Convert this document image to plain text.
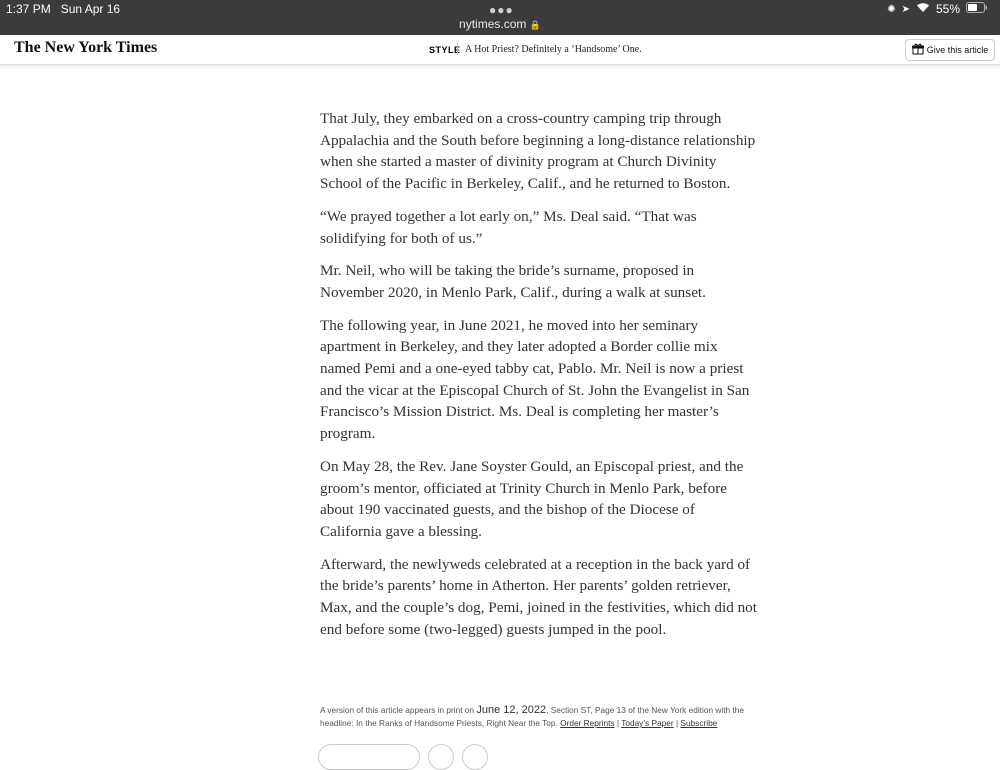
1:37 PM Sun Apr 16	●●●
nytimes.com 🔒
✺ ➤ 55%
The New York Times	STYLE A Hot Priest? Definitely a ‘Handsome’ One.	Give this article

That July, they embarked on a cross-country camping trip through Appalachia and the South before beginning a long-distance relationship when she started a master of divinity program at Church Divinity School of the Pacific in Berkeley, Calif., and he returned to Boston.

“We prayed together a lot early on,” Ms. Deal said. “That was solidifying for both of us.”

Mr. Neil, who will be taking the bride’s surname, proposed in November 2020, in Menlo Park, Calif., during a walk at sunset.

The following year, in June 2021, he moved into her seminary apartment in Berkeley, and they later adopted a Border collie mix named Pemi and a one-eyed tabby cat, Pablo. Mr. Neil is now a priest and the vicar at the Episcopal Church of St. John the Evangelist in San Francisco’s Mission District. Ms. Deal is completing her master’s program.

On May 28, the Rev. Jane Soyster Gould, an Episcopal priest, and the groom’s mentor, officiated at Trinity Church in Menlo Park, before about 190 vaccinated guests, and the bishop of the Diocese of California gave a blessing.

Afterward, the newlyweds celebrated at a reception in the back yard of the bride’s parents’ home in Atherton. Her parents’ golden retriever, Max, and the couple’s dog, Pemi, joined in the festivities, which did not end before some (two-legged) guests jumped in the pool.

A version of this article appears in print on June 12, 2022, Section ST, Page 13 of the New York edition with the headline: In the Ranks of Handsome Priests, Right Near the Top. Order Reprints | Today’s Paper | Subscribe
